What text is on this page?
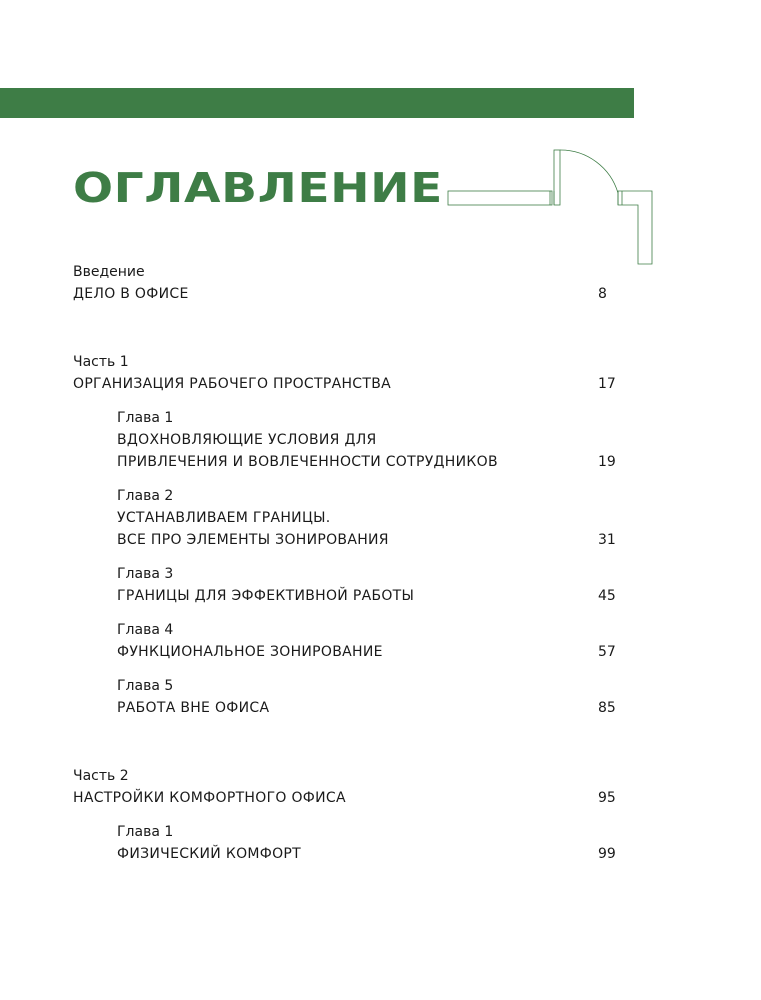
ОГЛАВЛЕНИЕ

Введение

ДЕЛО В ОФИСЕ	8

Часть 1

ОРГАНИЗАЦИЯ РАБОЧЕГО ПРОСТРАНСТВА	17

Глава 1

ВДОХНОВЛЯЮЩИЕ УСЛОВИЯ ДЛЯ

ПРИВЛЕЧЕНИЯ И ВОВЛЕЧЕННОСТИ СОТРУДНИКОВ	19

Глава 2

УСТАНАВЛИВАЕМ ГРАНИЦЫ.

ВСЕ ПРО ЭЛЕМЕНТЫ ЗОНИРОВАНИЯ	31

Глава 3

ГРАНИЦЫ ДЛЯ ЭФФЕКТИВНОЙ РАБОТЫ	45

Глава 4

ФУНКЦИОНАЛЬНОЕ ЗОНИРОВАНИЕ	57

Глава 5

РАБОТА ВНЕ ОФИСА	85

Часть 2

НАСТРОЙКИ КОМФОРТНОГО ОФИСА	95

Глава 1

ФИЗИЧЕСКИЙ КОМФОРТ	99
